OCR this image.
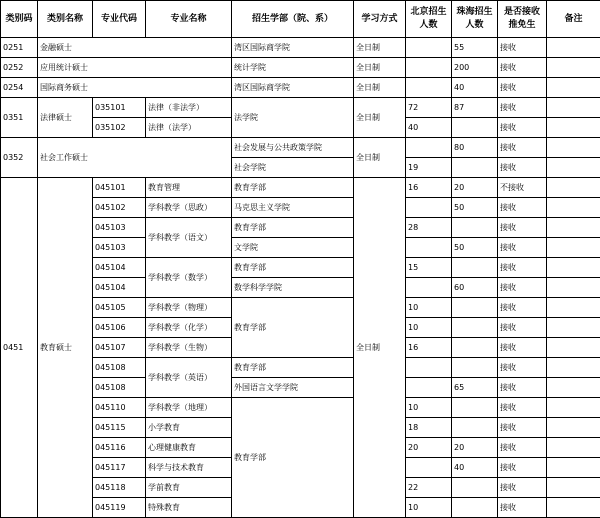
类别码	类别名称	专业代码	专业名称	招生学部（院、系）	学习方式	北京招生人数	珠海招生人数	是否接收推免生	备注
0251	金融硕士			湾区国际商学院	全日制		55	接收	
0252	应用统计硕士			统计学院	全日制		200	接收	
0254	国际商务硕士			湾区国际商学院	全日制		40	接收	
0351	法律硕士	035101	法律（非法学）	法学院	全日制	72	87	接收	
		035102	法律（法学）			40		接收	
0352	社会工作硕士			社会发展与公共政策学院	全日制		80	接收	
				社会学院		19		接收	
0451	教育硕士	045101	教育管理	教育学部	全日制	16	20	不接收	
		045102	学科教学（思政）	马克思主义学院			50	接收	
		045103	学科教学（语文）	教育学部		28		接收	
		045103		文学院			50	接收	
		045104	学科教学（数学）	教育学部		15		接收	
		045104		数学科学学院			60	接收	
		045105	学科教学（物理）	教育学部		10		接收	
		045106	学科教学（化学）			10		接收	
		045107	学科教学（生物）			16		接收	
		045108	学科教学（英语）	教育学部				接收	
		045108		外国语言文学学院			65	接收	
		045110	学科教学（地理）	教育学部		10		接收	
		045115	小学教育			18		接收	
		045116	心理健康教育			20	20	接收	
		045117	科学与技术教育				40	接收	
		045118	学前教育			22		接收	
		045119	特殊教育			10		接收	
